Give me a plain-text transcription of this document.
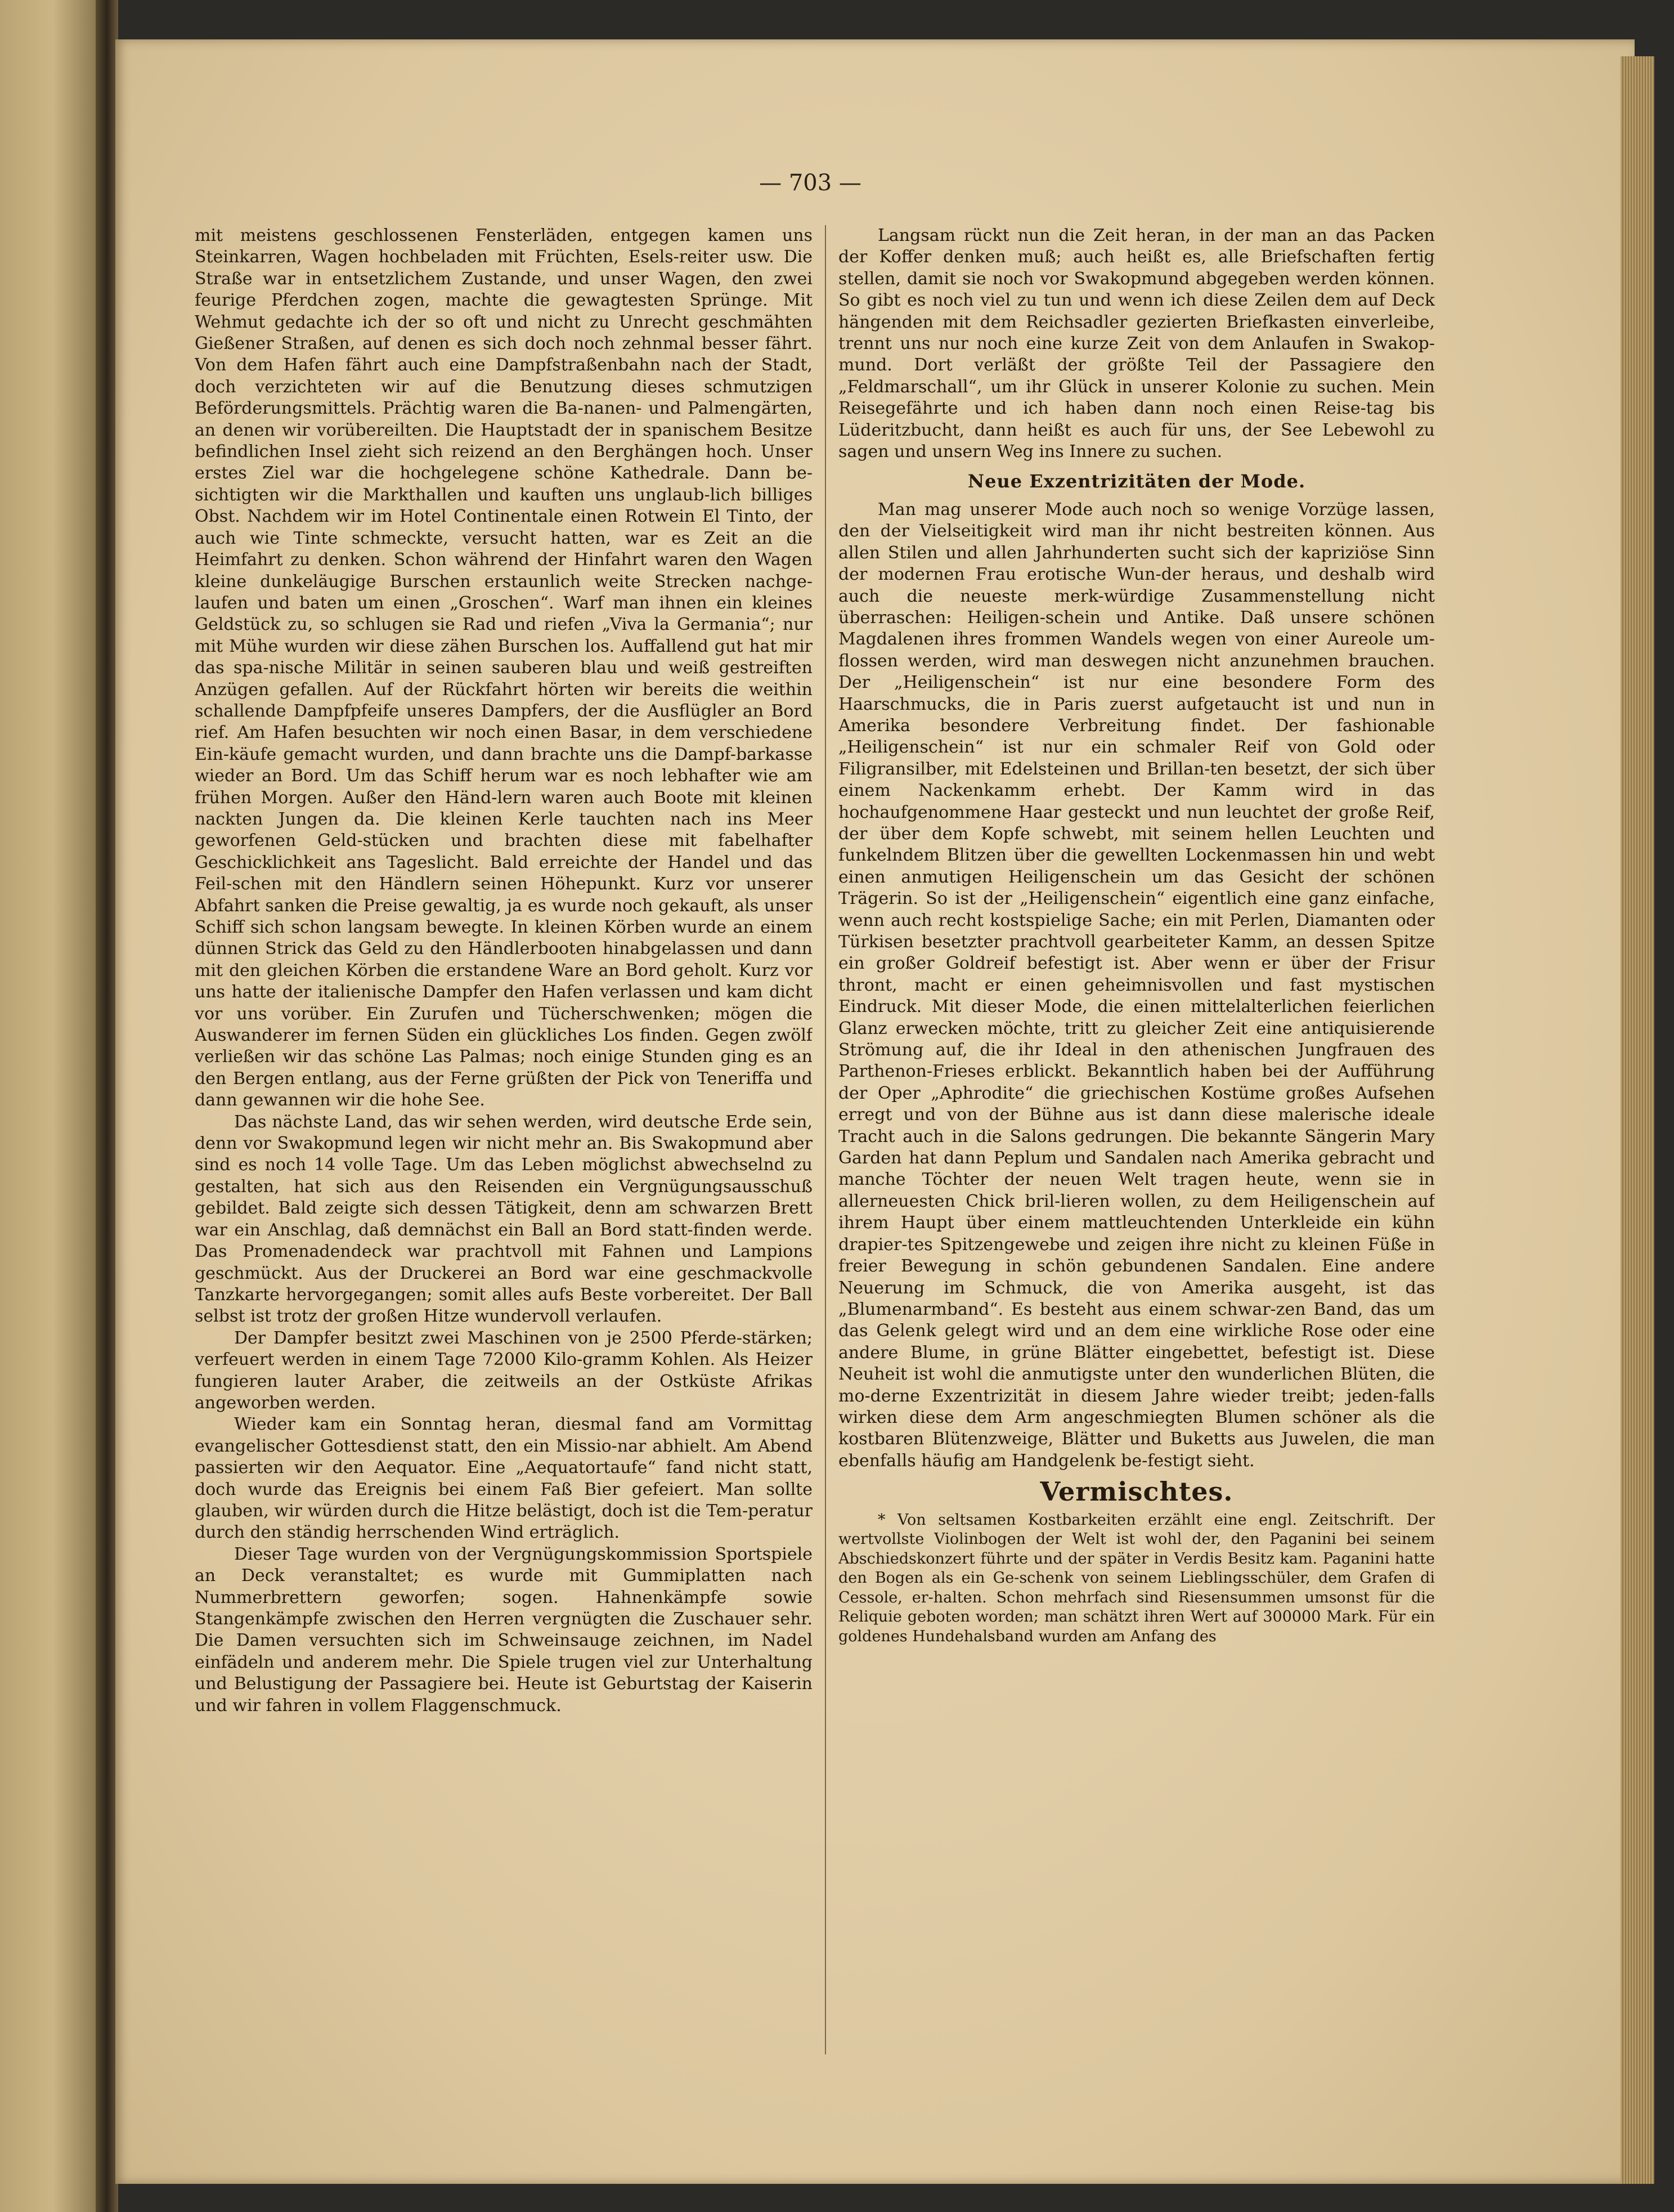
— 703 —

mit meistens geschlossenen Fensterläden, entgegen kamen uns Steinkarren, Wagen hochbeladen mit Früchten, Esels-reiter usw. Die Straße war in entsetzlichem Zustande, und unser Wagen, den zwei feurige Pferdchen zogen, machte die gewagtesten Sprünge. Mit Wehmut gedachte ich der so oft und nicht zu Unrecht geschmähten Gießener Straßen, auf denen es sich doch noch zehnmal besser fährt. Von dem Hafen fährt auch eine Dampfstraßenbahn nach der Stadt, doch verzichteten wir auf die Benutzung dieses schmutzigen Beförderungsmittels. Prächtig waren die Ba-nanen- und Palmengärten, an denen wir vorübereilten. Die Hauptstadt der in spanischem Besitze befindlichen Insel zieht sich reizend an den Berghängen hoch. Unser erstes Ziel war die hochgelegene schöne Kathedrale. Dann be-sichtigten wir die Markthallen und kauften uns unglaub-lich billiges Obst. Nachdem wir im Hotel Continentale einen Rotwein El Tinto, der auch wie Tinte schmeckte, versucht hatten, war es Zeit an die Heimfahrt zu denken. Schon während der Hinfahrt waren den Wagen kleine dunkeläugige Burschen erstaunlich weite Strecken nachge-laufen und baten um einen „Groschen“. Warf man ihnen ein kleines Geldstück zu, so schlugen sie Rad und riefen „Viva la Germania“; nur mit Mühe wurden wir diese zähen Burschen los. Auffallend gut hat mir das spa-nische Militär in seinen sauberen blau und weiß gestreiften Anzügen gefallen. Auf der Rückfahrt hörten wir bereits die weithin schallende Dampfpfeife unseres Dampfers, der die Ausflügler an Bord rief. Am Hafen besuchten wir noch einen Basar, in dem verschiedene Ein-käufe gemacht wurden, und dann brachte uns die Dampf-barkasse wieder an Bord. Um das Schiff herum war es noch lebhafter wie am frühen Morgen. Außer den Händ-lern waren auch Boote mit kleinen nackten Jungen da. Die kleinen Kerle tauchten nach ins Meer geworfenen Geld-stücken und brachten diese mit fabelhafter Geschicklichkeit ans Tageslicht. Bald erreichte der Handel und das Feil-schen mit den Händlern seinen Höhepunkt. Kurz vor unserer Abfahrt sanken die Preise gewaltig, ja es wurde noch gekauft, als unser Schiff sich schon langsam bewegte. In kleinen Körben wurde an einem dünnen Strick das Geld zu den Händlerbooten hinabgelassen und dann mit den gleichen Körben die erstandene Ware an Bord geholt. Kurz vor uns hatte der italienische Dampfer den Hafen verlassen und kam dicht vor uns vorüber. Ein Zurufen und Tücherschwenken; mögen die Auswanderer im fernen Süden ein glückliches Los finden. Gegen zwölf verließen wir das schöne Las Palmas; noch einige Stunden ging es an den Bergen entlang, aus der Ferne grüßten der Pick von Teneriffa und dann gewannen wir die hohe See.

Das nächste Land, das wir sehen werden, wird deutsche Erde sein, denn vor Swakopmund legen wir nicht mehr an. Bis Swakopmund aber sind es noch 14 volle Tage. Um das Leben möglichst abwechselnd zu gestalten, hat sich aus den Reisenden ein Vergnügungsausschuß gebildet. Bald zeigte sich dessen Tätigkeit, denn am schwarzen Brett war ein Anschlag, daß demnächst ein Ball an Bord statt-finden werde. Das Promenadendeck war prachtvoll mit Fahnen und Lampions geschmückt. Aus der Druckerei an Bord war eine geschmackvolle Tanzkarte hervorgegangen; somit alles aufs Beste vorbereitet. Der Ball selbst ist trotz der großen Hitze wundervoll verlaufen.

Der Dampfer besitzt zwei Maschinen von je 2500 Pferde-stärken; verfeuert werden in einem Tage 72000 Kilo-gramm Kohlen. Als Heizer fungieren lauter Araber, die zeitweils an der Ostküste Afrikas angeworben werden.

Wieder kam ein Sonntag heran, diesmal fand am Vormittag evangelischer Gottesdienst statt, den ein Missio-nar abhielt. Am Abend passierten wir den Aequator. Eine „Aequatortaufe“ fand nicht statt, doch wurde das Ereignis bei einem Faß Bier gefeiert. Man sollte glauben, wir würden durch die Hitze belästigt, doch ist die Tem-peratur durch den ständig herrschenden Wind erträglich.

Dieser Tage wurden von der Vergnügungskommission Sportspiele an Deck veranstaltet; es wurde mit Gummiplatten nach Nummerbrettern geworfen; sogen. Hahnenkämpfe sowie Stangenkämpfe zwischen den Herren vergnügten die Zuschauer sehr. Die Damen versuchten sich im Schweinsauge zeichnen, im Nadel einfädeln und anderem mehr. Die Spiele trugen viel zur Unterhaltung und Belustigung der Passagiere bei. Heute ist Geburtstag der Kaiserin und wir fahren in vollem Flaggenschmuck.

Langsam rückt nun die Zeit heran, in der man an das Packen der Koffer denken muß; auch heißt es, alle Briefschaften fertig stellen, damit sie noch vor Swakopmund abgegeben werden können. So gibt es noch viel zu tun und wenn ich diese Zeilen dem auf Deck hängenden mit dem Reichsadler gezierten Briefkasten einverleibe, trennt uns nur noch eine kurze Zeit von dem Anlaufen in Swakop-mund. Dort verläßt der größte Teil der Passagiere den „Feldmarschall“, um ihr Glück in unserer Kolonie zu suchen. Mein Reisegefährte und ich haben dann noch einen Reise-tag bis Lüderitzbucht, dann heißt es auch für uns, der See Lebewohl zu sagen und unsern Weg ins Innere zu suchen.

Neue Exzentrizitäten der Mode.

Man mag unserer Mode auch noch so wenige Vorzüge lassen, den der Vielseitigkeit wird man ihr nicht bestreiten können. Aus allen Stilen und allen Jahrhunderten sucht sich der kapriziöse Sinn der modernen Frau erotische Wun-der heraus, und deshalb wird auch die neueste merk-würdige Zusammenstellung nicht überraschen: Heiligen-schein und Antike. Daß unsere schönen Magdalenen ihres frommen Wandels wegen von einer Aureole um-flossen werden, wird man deswegen nicht anzunehmen brauchen. Der „Heiligenschein“ ist nur eine besondere Form des Haarschmucks, die in Paris zuerst aufgetaucht ist und nun in Amerika besondere Verbreitung findet. Der fashionable „Heiligenschein“ ist nur ein schmaler Reif von Gold oder Filigransilber, mit Edelsteinen und Brillan-ten besetzt, der sich über einem Nackenkamm erhebt. Der Kamm wird in das hochaufgenommene Haar gesteckt und nun leuchtet der große Reif, der über dem Kopfe schwebt, mit seinem hellen Leuchten und funkelndem Blitzen über die gewellten Lockenmassen hin und webt einen anmutigen Heiligenschein um das Gesicht der schönen Trägerin. So ist der „Heiligenschein“ eigentlich eine ganz einfache, wenn auch recht kostspielige Sache; ein mit Perlen, Diamanten oder Türkisen besetzter prachtvoll gearbeiteter Kamm, an dessen Spitze ein großer Goldreif befestigt ist. Aber wenn er über der Frisur thront, macht er einen geheimnisvollen und fast mystischen Eindruck. Mit dieser Mode, die einen mittelalterlichen feierlichen Glanz erwecken möchte, tritt zu gleicher Zeit eine antiquisierende Strömung auf, die ihr Ideal in den athenischen Jungfrauen des Parthenon-Frieses erblickt. Bekanntlich haben bei der Aufführung der Oper „Aphrodite“ die griechischen Kostüme großes Aufsehen erregt und von der Bühne aus ist dann diese malerische ideale Tracht auch in die Salons gedrungen. Die bekannte Sängerin Mary Garden hat dann Peplum und Sandalen nach Amerika gebracht und manche Töchter der neuen Welt tragen heute, wenn sie in allerneuesten Chick bril-lieren wollen, zu dem Heiligenschein auf ihrem Haupt über einem mattleuchtenden Unterkleide ein kühn drapier-tes Spitzengewebe und zeigen ihre nicht zu kleinen Füße in freier Bewegung in schön gebundenen Sandalen. Eine andere Neuerung im Schmuck, die von Amerika ausgeht, ist das „Blumenarmband“. Es besteht aus einem schwar-zen Band, das um das Gelenk gelegt wird und an dem eine wirkliche Rose oder eine andere Blume, in grüne Blätter eingebettet, befestigt ist. Diese Neuheit ist wohl die anmutigste unter den wunderlichen Blüten, die mo-derne Exzentrizität in diesem Jahre wieder treibt; jeden-falls wirken diese dem Arm angeschmiegten Blumen schöner als die kostbaren Blütenzweige, Blätter und Buketts aus Juwelen, die man ebenfalls häufig am Handgelenk be-festigt sieht.

Vermischtes.

* Von seltsamen Kostbarkeiten erzählt eine engl. Zeitschrift. Der wertvollste Violinbogen der Welt ist wohl der, den Paganini bei seinem Abschiedskonzert führte und der später in Verdis Besitz kam. Paganini hatte den Bogen als ein Ge-schenk von seinem Lieblingsschüler, dem Grafen di Cessole, er-halten. Schon mehrfach sind Riesensummen umsonst für die Reliquie geboten worden; man schätzt ihren Wert auf 300000 Mark. Für ein goldenes Hundehalsband wurden am Anfang des
